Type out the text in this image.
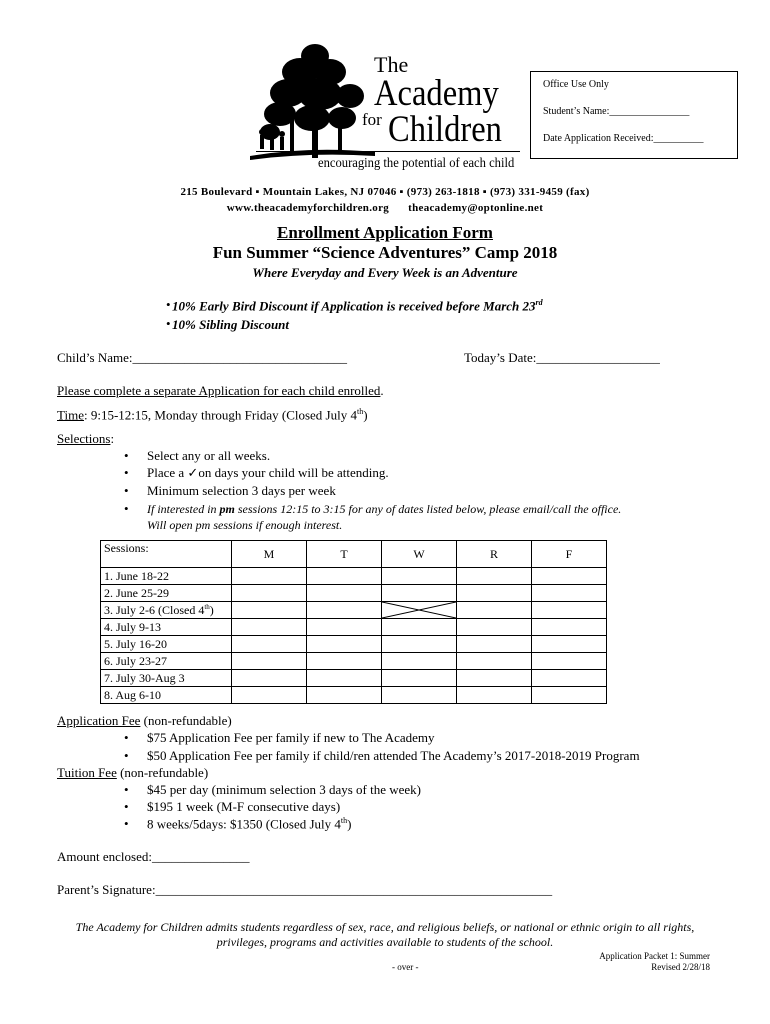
The
Academy
for Children
encouraging the potential of each child
Office Use Only
Student’s Name:________________
Date Application Received:__________
215 Boulevard ▪ Mountain Lakes, NJ 07046 ▪ (973) 263-1818 ▪ (973) 331-9459 (fax)
www.theacademyforchildren.org theacademy@optonline.net
Enrollment Application Form
Fun Summer “Science Adventures” Camp 2018
Where Everyday and Every Week is an Adventure
• 10% Early Bird Discount if Application is received before March 23rd
• 10% Sibling Discount
Child’s Name:_________________________________	Today’s Date:___________________
Please complete a separate Application for each child enrolled.
Time: 9:15-12:15, Monday through Friday (Closed July 4th)
Selections:
• Select any or all weeks.
• Place a ✓on days your child will be attending.
• Minimum selection 3 days per week
• If interested in pm sessions 12:15 to 3:15 for any of dates listed below, please email/call the office.
Will open pm sessions if enough interest.
Sessions:	M	T	W	R	F
1. June 18-22					
2. June 25-29					
3. July 2-6 (Closed 4th)			

4. July 9-13					
5. July 16-20					
6. July 23-27					
7. July 30-Aug 3					
8. Aug 6-10					
Application Fee (non-refundable)
• $75 Application Fee per family if new to The Academy
• $50 Application Fee per family if child/ren attended The Academy’s 2017-2018-2019 Program
Tuition Fee (non-refundable)
• $45 per day (minimum selection 3 days of the week)
• $195 1 week (M-F consecutive days)
• 8 weeks/5days: $1350 (Closed July 4th)
Amount enclosed:_______________
Parent’s Signature:_____________________________________________________________
The Academy for Children admits students regardless of sex, race, and religious beliefs, or national or ethnic origin to all rights,
privileges, programs and activities available to students of the school.
Application Packet 1: Summer
Revised 2/28/18
- over -
